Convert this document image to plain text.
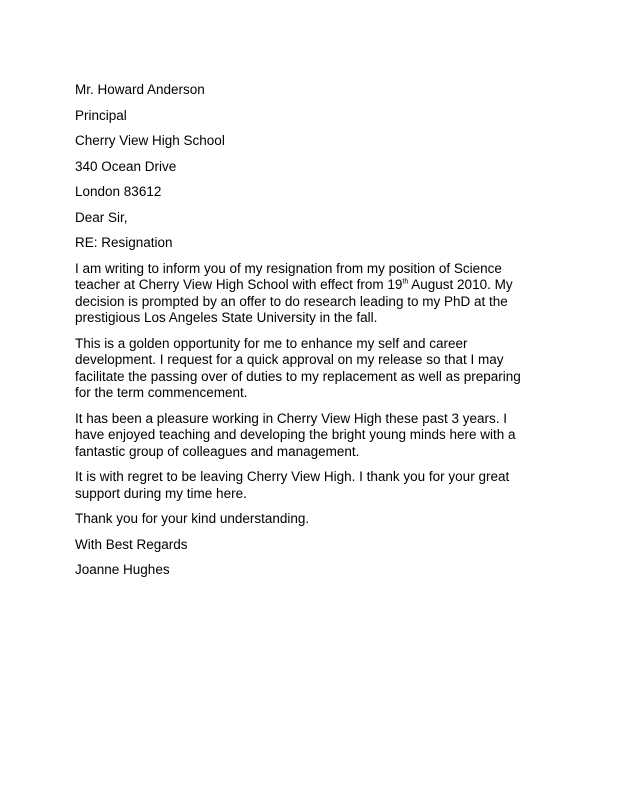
Mr. Howard Anderson
Principal
Cherry View High School
340 Ocean Drive
London 83612
Dear Sir,
RE: Resignation
I am writing to inform you of my resignation from my position of Science
teacher at Cherry View High School with effect from 19th August 2010. My
decision is prompted by an offer to do research leading to my PhD at the
prestigious Los Angeles State University in the fall.
This is a golden opportunity for me to enhance my self and career
development. I request for a quick approval on my release so that I may
facilitate the passing over of duties to my replacement as well as preparing
for the term commencement.
It has been a pleasure working in Cherry View High these past 3 years. I
have enjoyed teaching and developing the bright young minds here with a
fantastic group of colleagues and management.
It is with regret to be leaving Cherry View High. I thank you for your great
support during my time here.
Thank you for your kind understanding.
With Best Regards
Joanne Hughes
